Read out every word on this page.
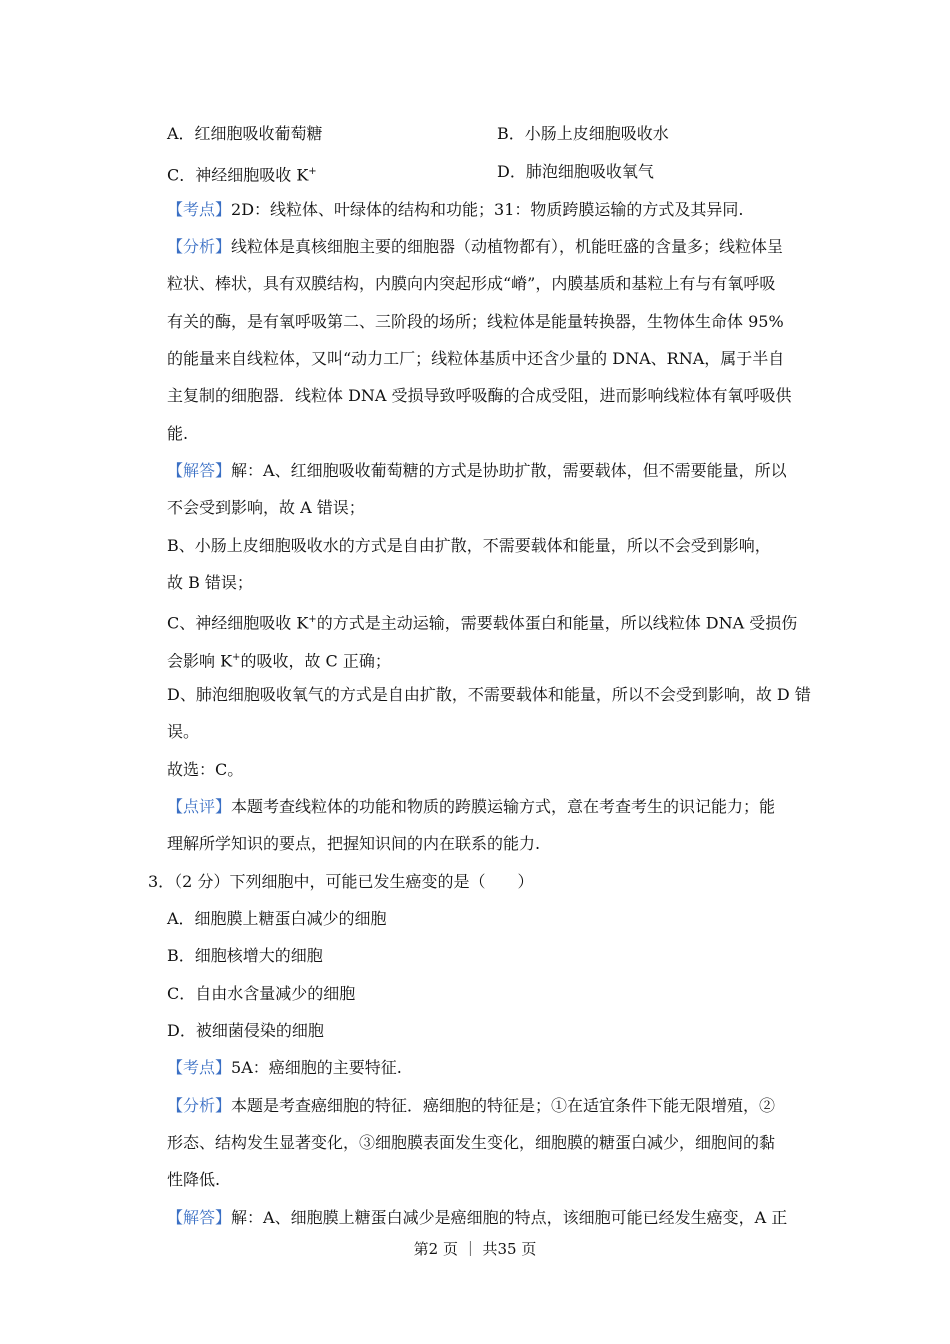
A．红细胞吸收葡萄糖	B．小肠上皮细胞吸收水
C．神经细胞吸收 K+	D．肺泡细胞吸收氧气
【考点】2D：线粒体、叶绿体的结构和功能；31：物质跨膜运输的方式及其异同.
【分析】线粒体是真核细胞主要的细胞器（动植物都有），机能旺盛的含量多；线粒体呈
粒状、棒状，具有双膜结构，内膜向内突起形成“嵴”，内膜基质和基粒上有与有氧呼吸
有关的酶，是有氧呼吸第二、三阶段的场所；线粒体是能量转换器，生物体生命体 95%
的能量来自线粒体，又叫“动力工厂；线粒体基质中还含少量的 DNA、RNA，属于半自
主复制的细胞器．线粒体 DNA 受损导致呼吸酶的合成受阻，进而影响线粒体有氧呼吸供
能.
【解答】解：A、红细胞吸收葡萄糖的方式是协助扩散，需要载体，但不需要能量，所以
不会受到影响，故 A 错误；
B、小肠上皮细胞吸收水的方式是自由扩散，不需要载体和能量，所以不会受到影响，
故 B 错误；
C、神经细胞吸收 K+的方式是主动运输，需要载体蛋白和能量，所以线粒体 DNA 受损伤
会影响 K+的吸收，故 C 正确；
D、肺泡细胞吸收氧气的方式是自由扩散，不需要载体和能量，所以不会受到影响，故 D 错
误。
故选：C。
【点评】本题考查线粒体的功能和物质的跨膜运输方式，意在考查考生的识记能力；能
理解所学知识的要点，把握知识间的内在联系的能力.
3．（2 分）下列细胞中，可能已发生癌变的是（　　）
A．细胞膜上糖蛋白减少的细胞
B．细胞核增大的细胞
C．自由水含量减少的细胞
D．被细菌侵染的细胞
【考点】5A：癌细胞的主要特征.
【分析】本题是考查癌细胞的特征．癌细胞的特征是；①在适宜条件下能无限增殖，②
形态、结构发生显著变化，③细胞膜表面发生变化，细胞膜的糖蛋白减少，细胞间的黏
性降低.
【解答】解：A、细胞膜上糖蛋白减少是癌细胞的特点，该细胞可能已经发生癌变，A 正
第2 页 ｜ 共35 页
